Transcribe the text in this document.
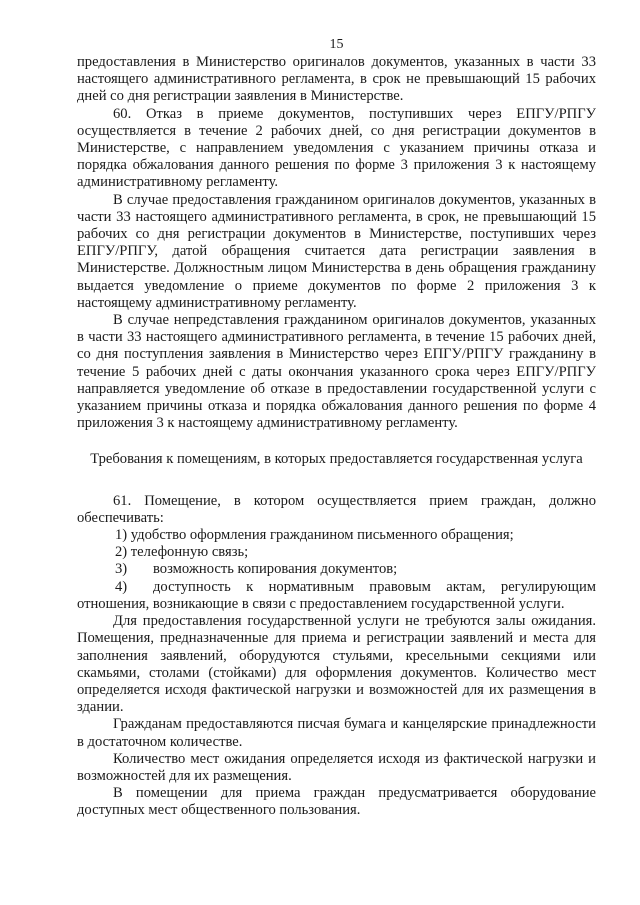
15

предоставления в Министерство оригиналов документов, указанных в части 33 настоящего административного регламента, в срок не превышающий 15 рабочих дней со дня регистрации заявления в Министерстве.

60. Отказ в приеме документов, поступивших через ЕПГУ/РПГУ осуществляется в течение 2 рабочих дней, со дня регистрации документов в Министерстве, с направлением уведомления с указанием причины отказа и порядка обжалования данного решения по форме 3 приложения 3 к настоящему административному регламенту.

В случае предоставления гражданином оригиналов документов, указанных в части 33 настоящего административного регламента, в срок, не превышающий 15 рабочих со дня регистрации документов в Министерстве, поступивших через ЕПГУ/РПГУ, датой обращения считается дата регистрации заявления в Министерстве. Должностным лицом Министерства в день обращения гражданину выдается уведомление о приеме документов по форме 2 приложения 3 к настоящему административному регламенту.

В случае непредставления гражданином оригиналов документов, указанных в части 33 настоящего административного регламента, в течение 15 рабочих дней, со дня поступления заявления в Министерство через ЕПГУ/РПГУ гражданину в течение 5 рабочих дней с даты окончания указанного срока через ЕПГУ/РПГУ направляется уведомление об отказе в предоставлении государственной услуги с указанием причины отказа и порядка обжалования данного решения по форме 4 приложения 3 к настоящему административному регламенту.

Требования к помещениям, в которых предоставляется государственная услуга

61. Помещение, в котором осуществляется прием граждан, должно обеспечивать:

1) удобство оформления гражданином письменного обращения;

2) телефонную связь;

3) возможность копирования документов;

4) доступность к нормативным правовым актам, регулирующим отношения, возникающие в связи с предоставлением государственной услуги.

Для предоставления государственной услуги не требуются залы ожидания. Помещения, предназначенные для приема и регистрации заявлений и места для заполнения заявлений, оборудуются стульями, кресельными секциями или скамьями, столами (стойками) для оформления документов. Количество мест определяется исходя фактической нагрузки и возможностей для их размещения в здании.

Гражданам предоставляются писчая бумага и канцелярские принадлежности в достаточном количестве.

Количество мест ожидания определяется исходя из фактической нагрузки и возможностей для их размещения.

В помещении для приема граждан предусматривается оборудование доступных мест общественного пользования.
